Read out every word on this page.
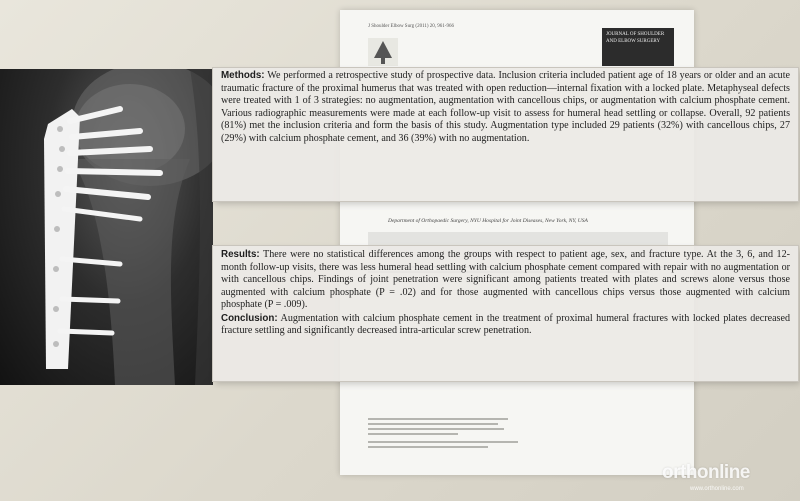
J Shoulder Elbow Surg (2011) 20, 961-966
JOURNAL OF SHOULDER AND ELBOW SURGERY
Department of Orthopaedic Surgery, NYU Hospital for Joint Diseases, New York, NY, USA

Methods: We performed a retrospective study of prospective data. Inclusion criteria included patient age of 18 years or older and an acute traumatic fracture of the proximal humerus that was treated with open reduction—internal fixation with a locked plate. Metaphyseal defects were treated with 1 of 3 strategies: no augmentation, augmentation with cancellous chips, or augmentation with calcium phosphate cement. Various radiographic measurements were made at each follow-up visit to assess for humeral head settling or collapse. Overall, 92 patients (81%) met the inclusion criteria and form the basis of this study. Augmentation type included 29 patients (32%) with cancellous chips, 27 (29%) with calcium phosphate cement, and 36 (39%) with no augmentation.

Results: There were no statistical differences among the groups with respect to patient age, sex, and fracture type. At the 3, 6, and 12-month follow-up visits, there was less humeral head settling with calcium phosphate cement compared with repair with no augmentation or with cancellous chips. Findings of joint penetration were significant among patients treated with plates and screws alone versus those augmented with calcium phosphate (P = .02) and for those augmented with cancellous chips versus those augmented with calcium phosphate (P = .009).

Conclusion: Augmentation with calcium phosphate cement in the treatment of proximal humeral fractures with locked plates decreased fracture settling and significantly decreased intra-articular screw penetration.

orthonline
www.orthonline.com
